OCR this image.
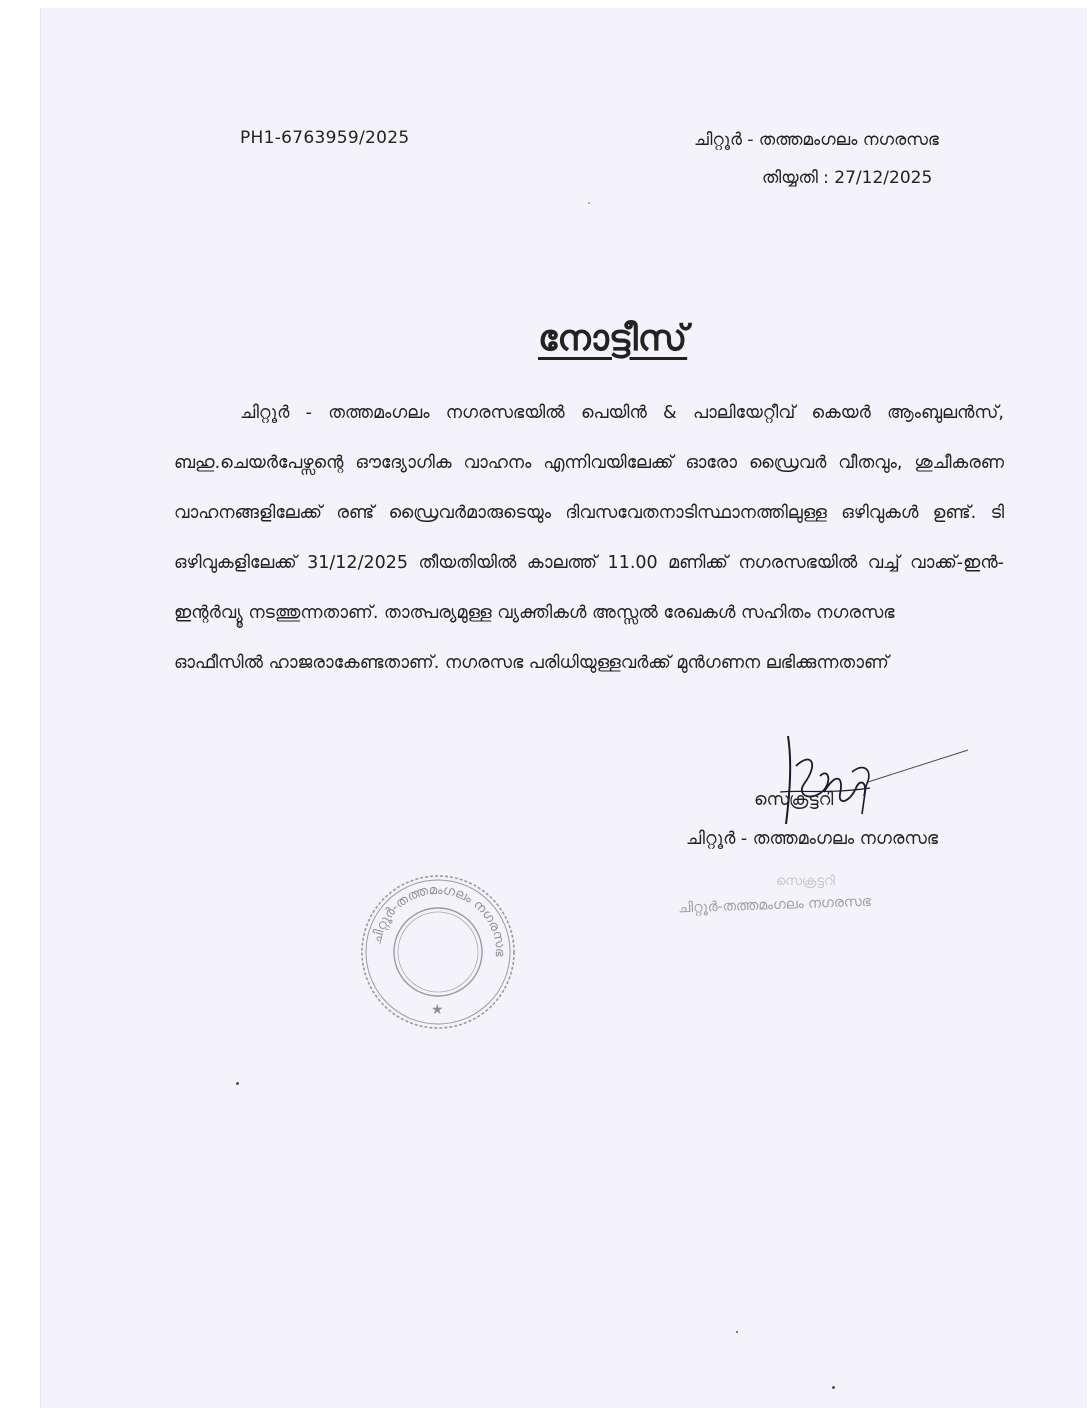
PH1-6763959/2025	ചിറ്റൂർ - തത്തമംഗലം നഗരസഭ
തിയ്യതി : 27/12/2025
നോട്ടീസ്
ചിറ്റൂർ - തത്തമംഗലം നഗരസഭയിൽ പെയിൻ & പാലിയേറ്റീവ് കെയർ ആംബുലൻസ്, ബഹു.ചെയർപേഴ്സന്റെ ഔദ്യോഗിക വാഹനം എന്നിവയിലേക്ക് ഓരോ ഡ്രൈവർ വീതവും, ശുചീകരണ വാഹനങ്ങളിലേക്ക് രണ്ട് ഡ്രൈവർമാരുടെയും ദിവസവേതനാടിസ്ഥാനത്തിലുള്ള ഒഴിവുകൾ ഉണ്ട്. ടി ഒഴിവുകളിലേക്ക് 31/12/2025 തീയതിയിൽ കാലത്ത് 11.00 മണിക്ക് നഗരസഭയിൽ വച്ച് വാക്ക്-ഇൻ-ഇന്റർവ്യൂ നടത്തുന്നതാണ്. താത്പര്യമുള്ള വ്യക്തികൾ അസ്സൽ രേഖകൾ സഹിതം നഗരസഭ
ഓഫീസിൽ ഹാജരാകേണ്ടതാണ്. നഗരസഭ പരിധിയുള്ളവർക്ക് മുൻഗണന ലഭിക്കുന്നതാണ്
സെക്രട്ടറി
ചിറ്റൂർ - തത്തമംഗലം നഗരസഭ
സെക്രട്ടറി
ചിറ്റൂർ-തത്തമംഗലം നഗരസഭ
ചിറ്റൂർ-തത്തമംഗലം നഗരസഭ
★
